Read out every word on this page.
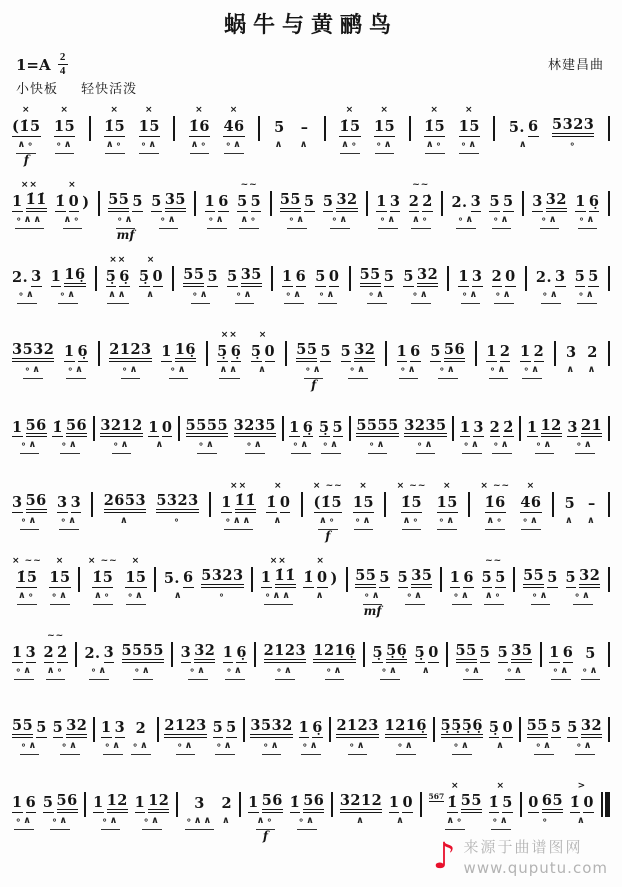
蜗牛与黄鹂鸟
1=A 2
4	林建昌曲
小快板 轻快活泼
×
(1̇5
∧∘
f
×
15
∘∧

×
1̇5
∧∘

×
15
∘∧

×
1̇6
∧∘

×
46
∘∧

5
∧

–
∧

×
1̇5
∧∘

×
15
∘∧

×
1̇5
∧∘

×
15
∘∧

5. 6
∧

5323
∘

××
1 1̇1̇
∘∧∧

×
1̇ 0 )
∧∘

55 5
∘∧
mf

5 35
∘∧

1 6
∘∧

~~
5 5
∧∘

55 5
∘∧

5 32
∘∧

1 3
∘∧

~~
2 2̇
∧∘

2. 3
∘∧

5 5
∘∧

3 32
∘∧

1 6̣
∘∧

2. 3
∘∧

1 16̣
∘∧

××
5̣ 6̣
∧∧

×
5̣ 0
∧

55 5
∘∧

5 35
∘∧

1 6
∘∧

5 0
∘∧

55 5
∘∧

5 32
∘∧

1 3
∘∧

2 0
∘∧

2. 3
∘∧

5 5
∘∧

3532
∘∧

1 6̣
∘∧

2123
∘∧

1 16̣
∘∧

××
5̣ 6̣
∧∧

×
5̣ 0
∧

55 5
∘∧
f

5 32
∘∧

1 6
∘∧

5 56
∘∧

1 2
∘∧

1 2
∘∧

3
∧

2
∧

1 56
∘∧

1̇ 56
∘∧

3212
∘∧

1 0
∧

5555
∘∧

3235
∘∧

1 6̣
∘∧

5̣ 5
∘∧

5555
∘∧

3235
∘∧

1 3
∘∧

2 2̇
∘∧

1 12
∘∧

3 21
∘∧

3 56
∘∧

3 3
∘∧

2653
∧

5323
∘

××
1 1̇1̇
∘∧∧

×
1̇ 0
∧

× ~~
(1̇5
∧∘
f
×
15
∘∧

× ~~
1̇5
∧∘

×
15
∘∧

× ~~
1̇6
∧∘

×
46
∘∧

5
∧

–
∧

× ~~
1̇5
∧∘

×
15
∘∧

× ~~
1̇5
∧∘

×
15
∘∧

5. 6
∧

5323
∘

××
1 1̇1̇
∘∧∧

×
1̇ 0 )
∧

55 5
∘∧
mf

5 35
∘∧

1 6
∘∧

~~
5 5
∧∘

55 5
∘∧

5 32
∘∧

1 3
∘∧

~~
2 2̇
∧∘

2. 3
∘∧

5555
∘∧

3 32
∘∧

1 6̣
∘∧

2123
∘∧

1216̣
∘∧

5̣ 5̣6̣
∘∧

5̣ 0
∧

55 5
∘∧

5 35
∘∧

1 6
∘∧

5
∘∧

55 5
∘∧

5 32
∘∧

1 3
∘∧

2
∘∧

2123
∘∧

5 5
∘∧

3532
∘∧

1 6̣
∘∧

2123
∘∧

1216̣
∘∧

5̣5̣5̣6̣
∘∧

5̣ 0
∧

55 5
∘∧

5 32
∘∧

1 6
∘∧

5 56
∘∧

1 12
∘∧

1 12
∘∧

3
∘∧∧

2
∧

1 56
∧∘
f

1̇ 56
∘∧

3212
∧

1 0
∧

×
567 1̇ 55
∧∘

×
1̇ 5
∘∧

0 65
∘

>
1̇ 0
∧

♪ 来源于曲谱图网
www.quputu.com
